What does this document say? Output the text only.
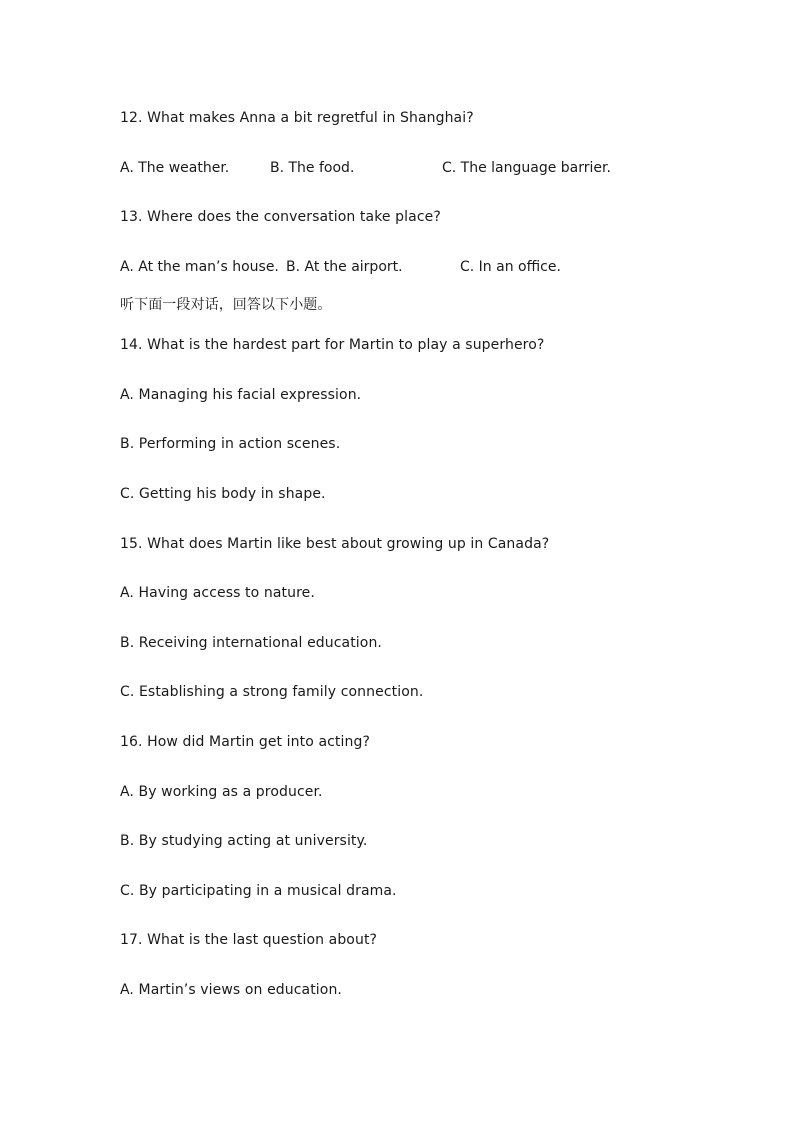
12. What makes Anna a bit regretful in Shanghai?
A. The weather.	B. The food.	C. The language barrier.
13. Where does the conversation take place?
A. At the man’s house. B. At the airport.	C. In an office.
听下面一段对话，回答以下小题。
14. What is the hardest part for Martin to play a superhero?
A. Managing his facial expression.
B. Performing in action scenes.
C. Getting his body in shape.
15. What does Martin like best about growing up in Canada?
A. Having access to nature.
B. Receiving international education.
C. Establishing a strong family connection.
16. How did Martin get into acting?
A. By working as a producer.
B. By studying acting at university.
C. By participating in a musical drama.
17. What is the last question about?
A. Martin’s views on education.
